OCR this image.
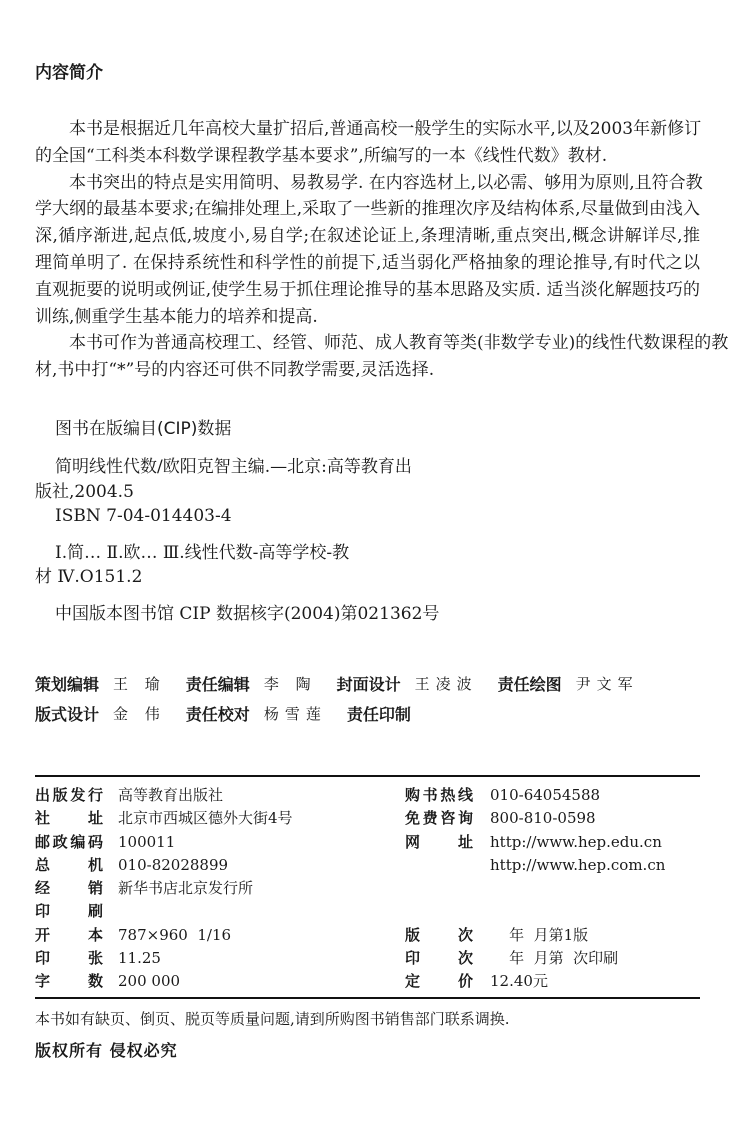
内容简介
本书是根据近几年高校大量扩招后,普通高校一般学生的实际水平,以及2003年新修订
的全国“工科类本科数学课程教学基本要求”,所编写的一本《线性代数》教材.
本书突出的特点是实用简明、易教易学. 在内容选材上,以必需、够用为原则,且符合教
学大纲的最基本要求;在编排处理上,采取了一些新的推理次序及结构体系,尽量做到由浅入
深,循序渐进,起点低,坡度小,易自学;在叙述论证上,条理清晰,重点突出,概念讲解详尽,推
理简单明了. 在保持系统性和科学性的前提下,适当弱化严格抽象的理论推导,有时代之以
直观扼要的说明或例证,使学生易于抓住理论推导的基本思路及实质. 适当淡化解题技巧的
训练,侧重学生基本能力的培养和提高.
本书可作为普通高校理工、经管、师范、成人教育等类(非数学专业)的线性代数课程的教
材,书中打“*”号的内容还可供不同教学需要,灵活选择.
图书在版编目(CIP)数据
简明线性代数/欧阳克智主编.—北京:高等教育出
版社,2004.5
ISBN 7-04-014403-4
Ⅰ.简… Ⅱ.欧… Ⅲ.线性代数-高等学校-教
材 Ⅳ.O151.2
中国版本图书馆 CIP 数据核字(2004)第021362号
策划编辑 王 瑜 责任编辑 李 陶 封面设计 王凌波 责任绘图 尹文军
版式设计 金 伟 责任校对 杨雪莲 责任印制
出版发行 高等教育出版社	购书热线 010-64054588
社址 北京市西城区德外大街4号	免费咨询 800-810-0598
邮政编码 100011	网址 http://www.hep.edu.cn
总机 010-82028899	http://www.hep.com.cn
经销 新华书店北京发行所
印刷
开本 787×960  1/16	版次 年  月第1版
印张 11.25	印次 年  月第  次印刷
字数 200 000	定价 12.40元
本书如有缺页、倒页、脱页等质量问题,请到所购图书销售部门联系调换.
版权所有 侵权必究
